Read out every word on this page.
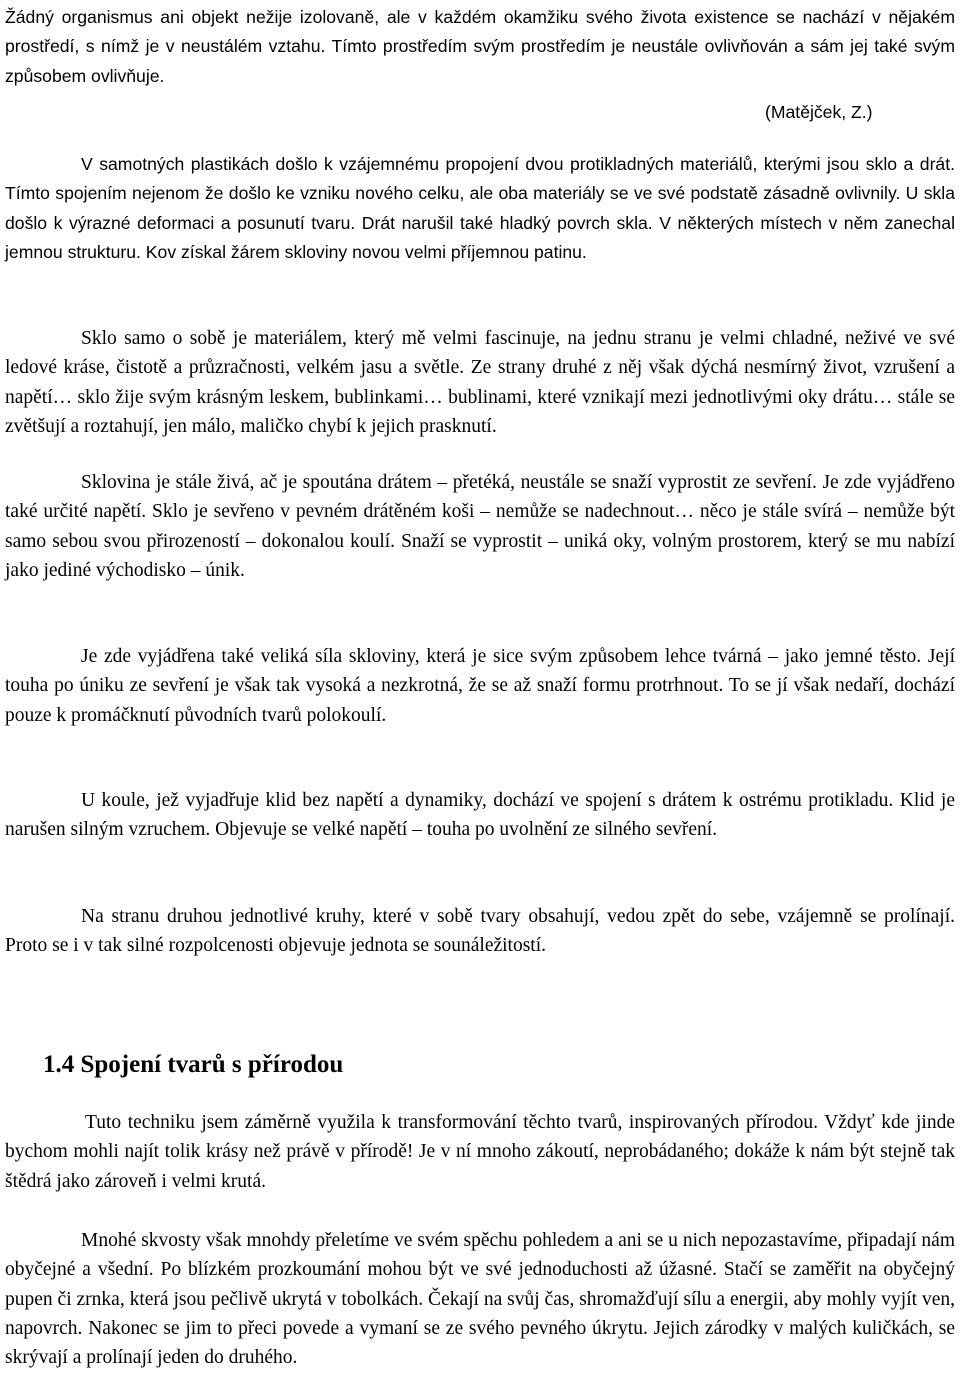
Žádný organismus ani objekt nežije izolovaně, ale v každém okamžiku svého života existence se nachází v nějakém prostředí, s nímž je v neustálém vztahu. Tímto prostředím svým prostředím je neustále ovlivňován a sám jej také svým způsobem ovlivňuje.

(Matějček, Z.)

V samotných plastikách došlo k vzájemnému propojení dvou protikladných materiálů, kterými jsou sklo a drát. Tímto spojením nejenom že došlo ke vzniku nového celku, ale oba materiály se ve své podstatě zásadně ovlivnily. U skla došlo k výrazné deformaci a posunutí tvaru. Drát narušil také hladký povrch skla. V některých místech v něm zanechal jemnou strukturu. Kov získal žárem skloviny novou velmi příjemnou patinu.

Sklo samo o sobě je materiálem, který mě velmi fascinuje, na jednu stranu je velmi chladné, neživé ve své ledové kráse, čistotě a průzračnosti, velkém jasu a světle. Ze strany druhé z něj však dýchá nesmírný život, vzrušení a napětí… sklo žije svým krásným leskem, bublinkami… bublinami, které vznikají mezi jednotlivými oky drátu… stále se zvětšují a roztahují, jen málo, maličko chybí k jejich prasknutí.

Sklovina je stále živá, ač je spoutána drátem – přetéká, neustále se snaží vyprostit ze sevření. Je zde vyjádřeno také určité napětí. Sklo je sevřeno v pevném drátěném koši – nemůže se nadechnout… něco je stále svírá – nemůže být samo sebou svou přirozeností – dokonalou koulí. Snaží se vyprostit – uniká oky, volným prostorem, který se mu nabízí jako jediné východisko – únik.

Je zde vyjádřena také veliká síla skloviny, která je sice svým způsobem lehce tvárná – jako jemné těsto. Její touha po úniku ze sevření je však tak vysoká a nezkrotná, že se až snaží formu protrhnout. To se jí však nedaří, dochází pouze k promáčknutí původních tvarů polokoulí.

U koule, jež vyjadřuje klid bez napětí a dynamiky, dochází ve spojení s drátem k ostrému protikladu. Klid je narušen silným vzruchem. Objevuje se velké napětí – touha po uvolnění ze silného sevření.

Na stranu druhou jednotlivé kruhy, které v sobě tvary obsahují, vedou zpět do sebe, vzájemně se prolínají. Proto se i v tak silné rozpolcenosti objevuje jednota se sounáležitostí.

1.4 Spojení tvarů s přírodou

Tuto techniku jsem záměrně využila k transformování těchto tvarů, inspirovaných přírodou. Vždyť kde jinde bychom mohli najít tolik krásy než právě v přírodě! Je v ní mnoho zákoutí, neprobádaného; dokáže k nám být stejně tak štědrá jako zároveň i velmi krutá.

Mnohé skvosty však mnohdy přeletíme ve svém spěchu pohledem a ani se u nich nepozastavíme, připadají nám obyčejné a všední. Po blízkém prozkoumání mohou být ve své jednoduchosti až úžasné. Stačí se zaměřit na obyčejný pupen či zrnka, která jsou pečlivě ukrytá v tobolkách. Čekají na svůj čas, shromažďují sílu a energii, aby mohly vyjít ven, napovrch. Nakonec se jim to přeci povede a vymaní se ze svého pevného úkrytu. Jejich zárodky v malých kuličkách, se skrývají a prolínají jeden do druhého.
